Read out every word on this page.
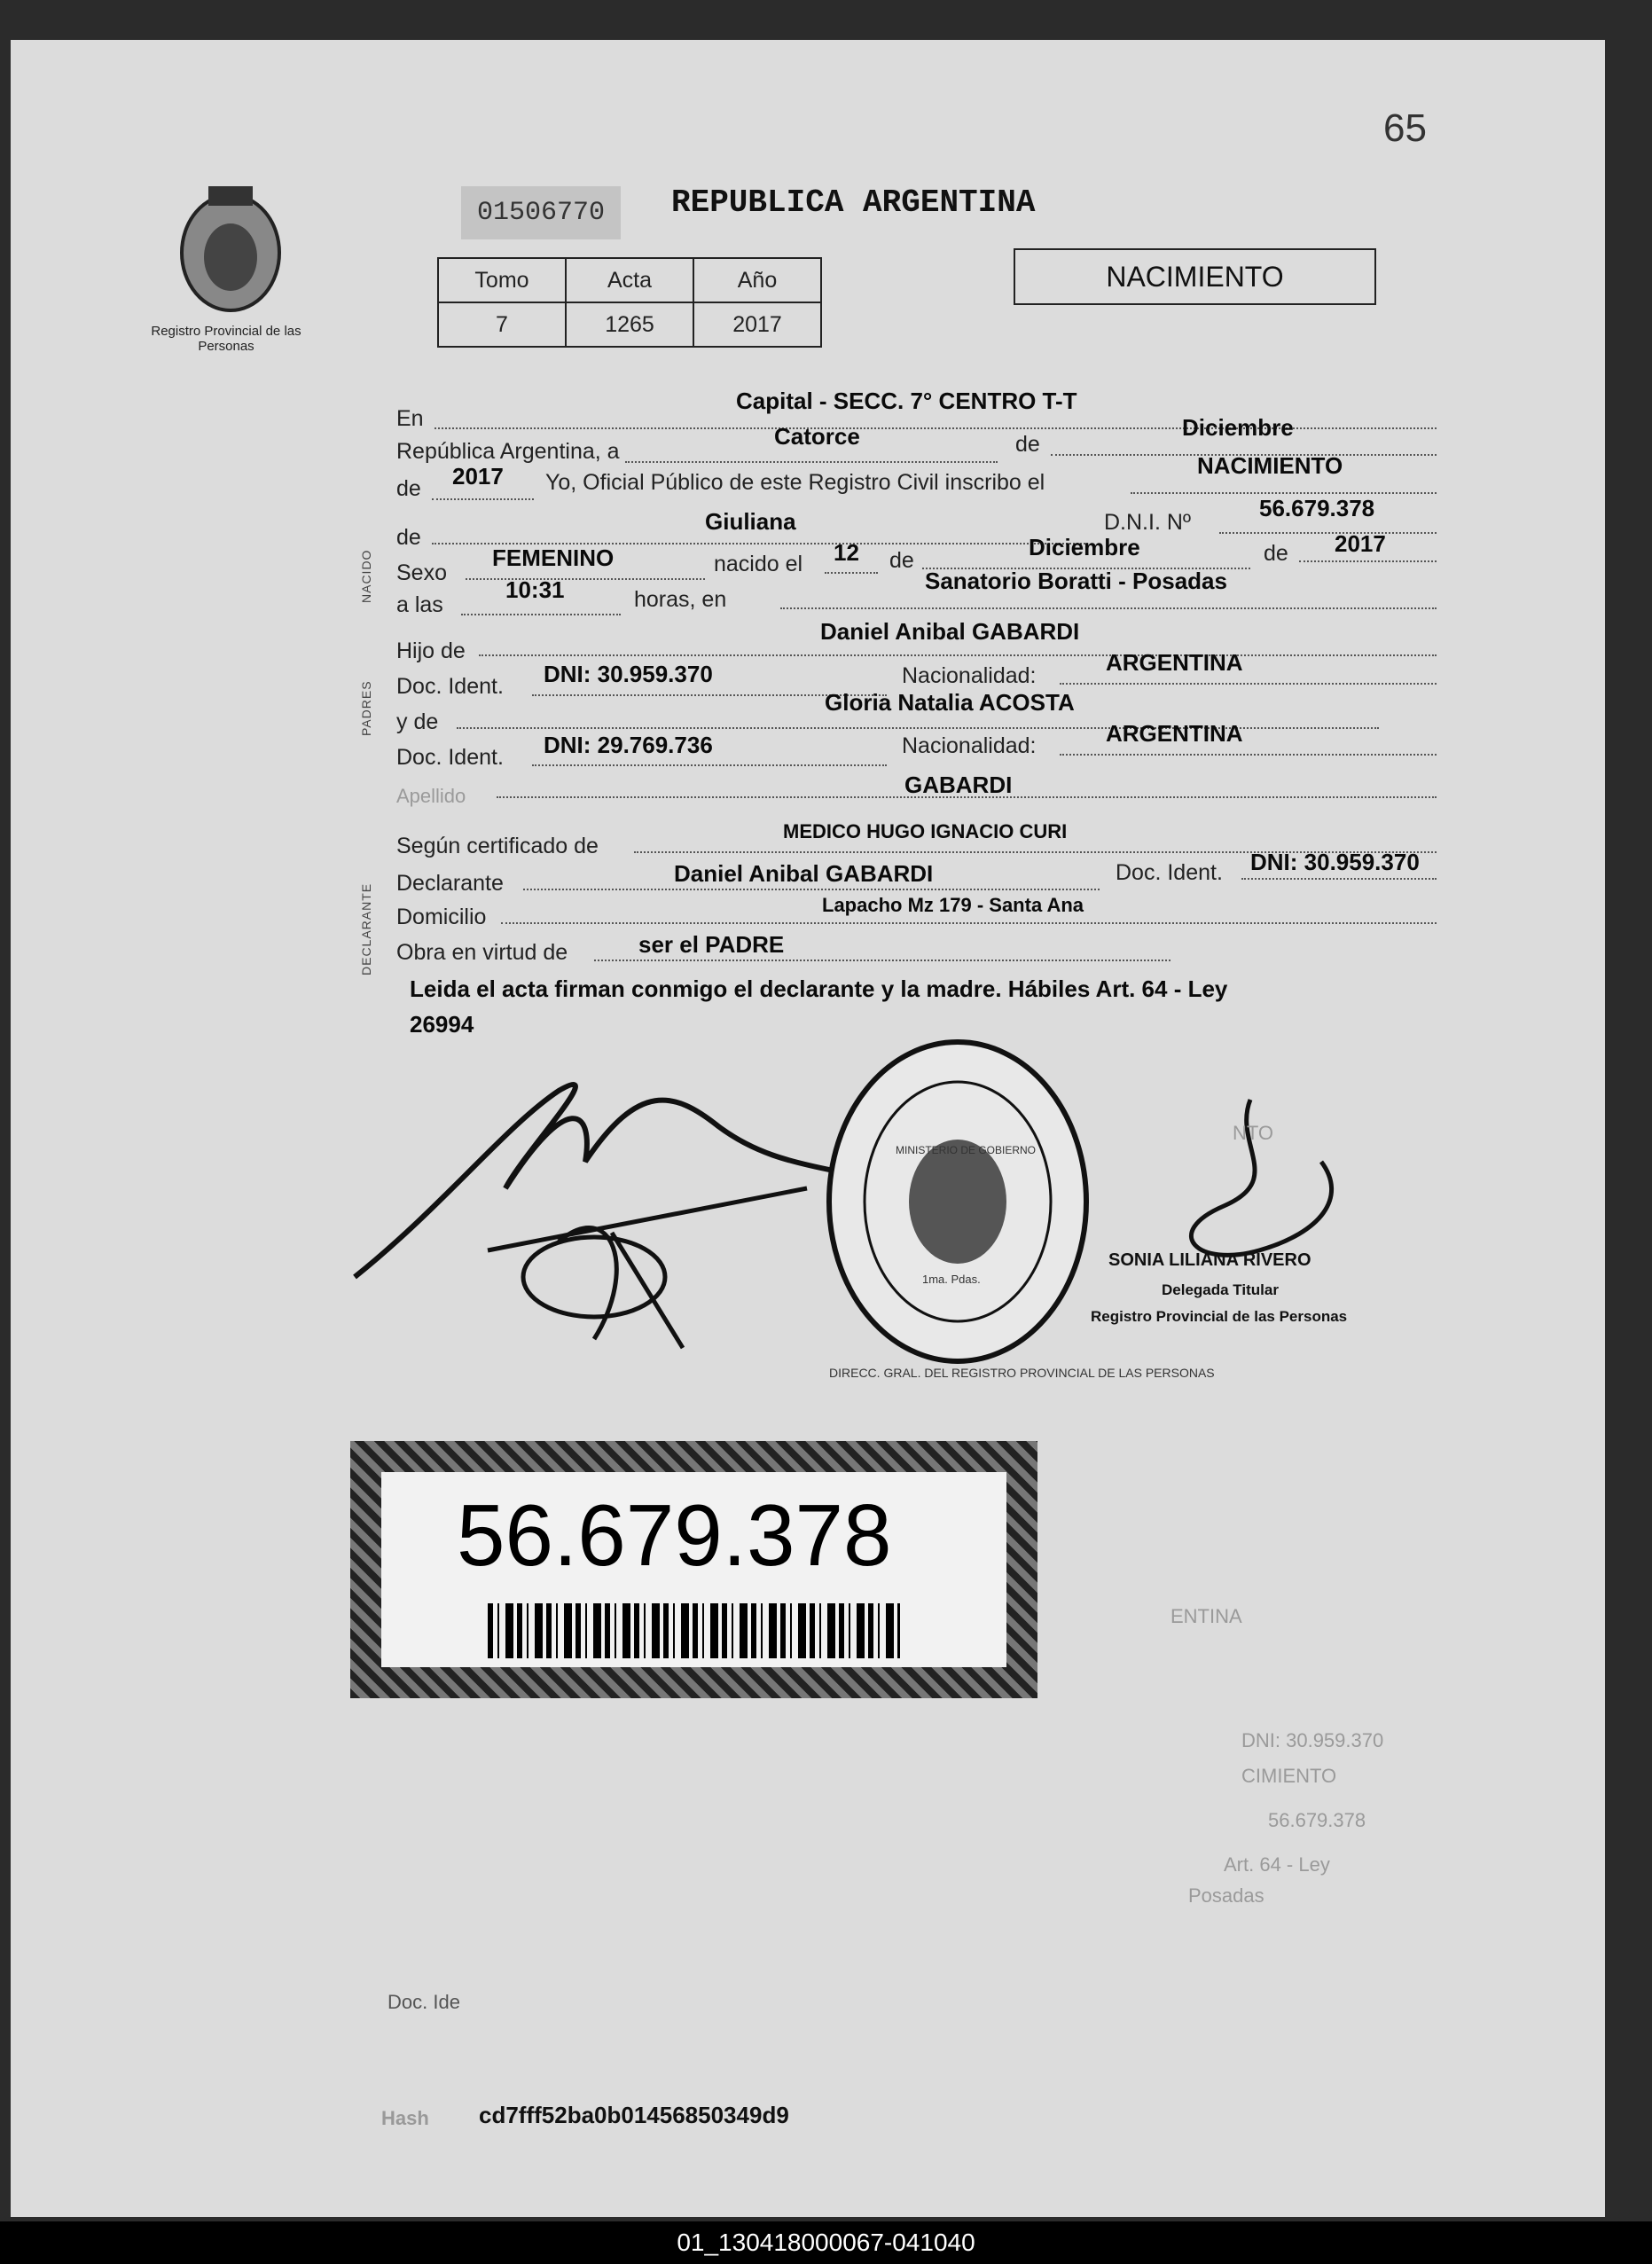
65
Registro Provincial de las Personas
01506770	REPUBLICA ARGENTINA
Tomo	Acta	Año
7	1265	2017
NACIMIENTO
NACIDO
PADRES
DECLARANTE
En
Capital - SECC. 7° CENTRO T-T
República Argentina, a
Catorce	de
Diciembre
de 2017 Yo, Oficial Público de este Registro Civil inscribo el
NACIMIENTO
de
Giuliana	D.N.I. Nº
56.679.378
Sexo
FEMENINO	nacido el 12 de	Diciembre	de 2017
a las
10:31	horas, en
Sanatorio Boratti - Posadas
Hijo de
Daniel Anibal GABARDI
Doc. Ident. DNI: 30.959.370	Nacionalidad:	ARGENTINA
y de
Gloria Natalia ACOSTA
Doc. Ident. DNI: 29.769.736	Nacionalidad:	ARGENTINA
Apellido	GABARDI
Según certificado de
MEDICO HUGO IGNACIO CURI
Declarante	Daniel Anibal GABARDI	Doc. Ident. DNI: 30.959.370
Domicilio	Lapacho Mz 179 - Santa Ana
Obra en virtud de	ser el PADRE
Leida el acta firman conmigo el declarante y la madre. Hábiles Art. 64 - Ley
26994
DIRECC. GRAL. DEL REGISTRO PROVINCIAL DE LAS PERSONAS
MINISTERIO DE GOBIERNO
1ma. Pdas.
SONIA LILIANA RIVERO
Delegada Titular
Registro Provincial de las Personas
56.679.378
NTO
ENTINA
DNI: 30.959.370
CIMIENTO
56.679.378
Art. 64 - Ley
Posadas
Doc. Ide
Hash cd7fff52ba0b01456850349d9
01_130418000067-041040
